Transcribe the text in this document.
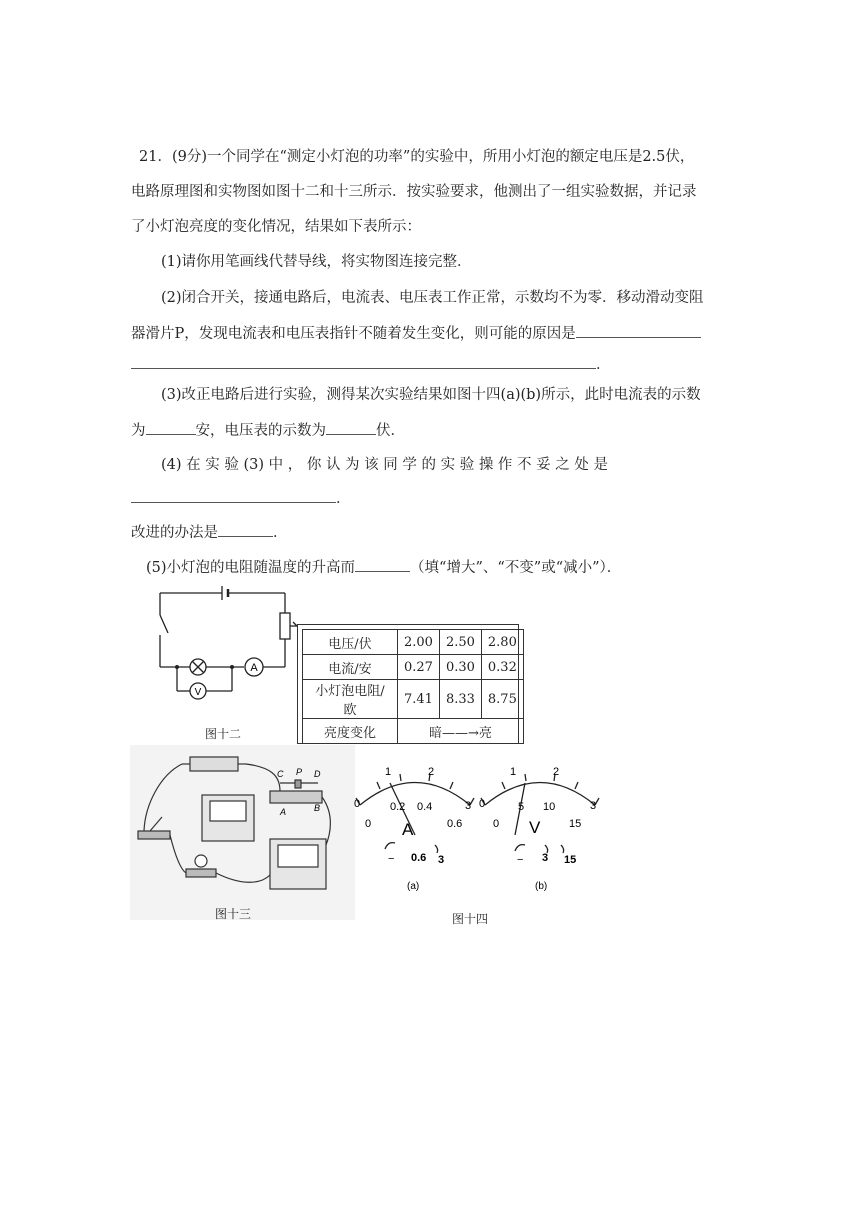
21．(9分)一个同学在“测定小灯泡的功率”的实验中，所用小灯泡的额定电压是2.5伏，
电路原理图和实物图如图十二和十三所示．按实验要求，他测出了一组实验数据，并记录
了小灯泡亮度的变化情况，结果如下表所示：
(1)请你用笔画线代替导线，将实物图连接完整．
(2)闭合开关，接通电路后，电流表、电压表工作正常，示数均不为零．移动滑动变阻
器滑片P，发现电流表和电压表指针不随着发生变化，则可能的原因是
．
(3)改正电路后进行实验，测得某次实验结果如图十四(a)(b)所示，此时电流表的示数
为	安，电压表的示数为	伏．
(4) 在 实 验 (3) 中 ， 你 认 为 该 同 学 的 实 验 操 作 不 妥 之 处 是
．
改进的办法是	．
(5)小灯泡的电阻随温度的升高而	（填“增大”、“不变”或“减小”）．
A
V
图十二
电压/伏	2.00	2.50	2.80
电流/安	0.27	0.30	0.32
小灯泡电阻/欧	7.41	8.33	8.75
亮度变化	暗——→亮		
C P D
A	B
图十三
0
1	2
3
0
0.2 0.4
0.6
A
− 0.6 3
(a)
0
1	2
3
0
5 10
15
V
− 3 15
(b)
图十四
